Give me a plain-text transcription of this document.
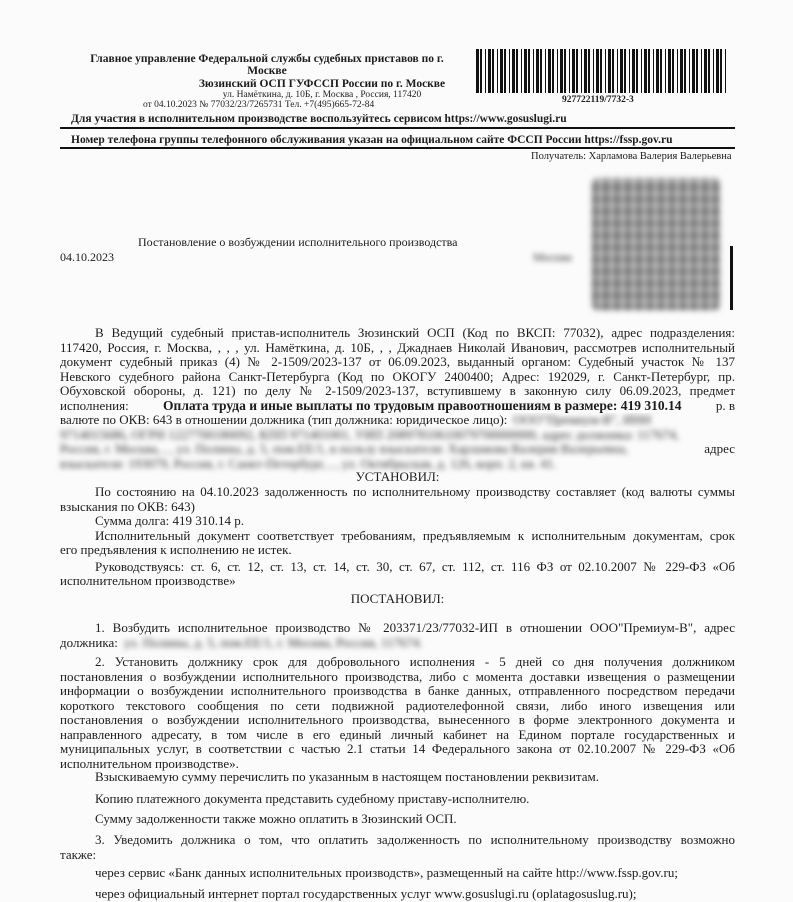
Главное управление Федеральной службы судебных приставов по г.
Москве
Зюзинский ОСП ГУФССП России по г. Москве
ул. Намёткина, д. 10Б, г. Москва , Россия, 117420
от 04.10.2023 № 77032/23/7265731 Тел. +7(495)665-72-84	927722119/7732-3
Для участия в исполнительном производстве воспользуйтесь сервисом https://www.gosuslugi.ru
Номер телефона группы телефонного обслуживания указан на официальном сайте ФССП России https://fssp.gov.ru
Получатель: Харламова Валерия Валерьевна
Постановление о возбуждении исполнительного производства
04.10.2023	Москва
В Ведущий судебный пристав-исполнитель Зюзинский ОСП (Код по ВКСП: 77032), адрес подразделения:
117420, Россия, г. Москва, , , , ул. Намёткина, д. 10Б, , , Джаднаев Николай Иванович, рассмотрев исполнительный
документ судебный приказ (4) № 2-1509/2023-137 от 06.09.2023, выданный органом: Судебный участок № 137
Невского судебного района Санкт-Петербурга (Код по ОКОГУ 2400400; Адрес: 192029, г. Санкт-Петербург, пр.
Обуховской обороны, д. 121) по делу № 2-1509/2023-137, вступившему в законную силу 06.09.2023, предмет
исполнения:	Оплата труда и иные выплаты по трудовым правоотношениям в размере: 419 310.14	р. в
валюте по ОКВ: 643 в отношении должника (тип должника: юридическое лицо): ООО"Премиум-В", ИНН
9714015686, ОГРН 1227700180092, КПП 971401001, УИП 20897810610079700000000, адрес должника: 117674,
Россия, г. Москва, , , ул. Полины, д. 5, пом.ЕЕ/1, в пользу взыскателя: Харламова Валерия Валерьевна,	адрес
взыскателя: 193079, Россия, г. Санкт-Петербург, , , ул. Октябрьская, д. 126, корп. 2, кв. 41.
УСТАНОВИЛ:
По состоянию на 04.10.2023 задолженность по исполнительному производству составляет (код валюты суммы
взыскания по ОКВ: 643)
Сумма долга: 419 310.14 р.
Исполнительный документ соответствует требованиям, предъявляемым к исполнительным документам, срок
его предъявления к исполнению не истек.
Руководствуясь: ст. 6, ст. 12, ст. 13, ст. 14, ст. 30, ст. 67, ст. 112, ст. 116 ФЗ от 02.10.2007 № 229-ФЗ «Об
исполнительном производстве»
ПОСТАНОВИЛ:
1. Возбудить исполнительное производство № 203371/23/77032-ИП в отношении ООО"Премиум-В", адрес
должника: ул. Полины, д. 5, пом.ЕЕ/1, г. Москва, Россия, 117674.
2. Установить должнику срок для добровольного исполнения - 5 дней со дня получения должником
постановления о возбуждении исполнительного производства, либо с момента доставки извещения о размещении
информации о возбуждении исполнительного производства в банке данных, отправленного посредством передачи
короткого текстового сообщения по сети подвижной радиотелефонной связи, либо иного извещения или
постановления о возбуждении исполнительного производства, вынесенного в форме электронного документа и
направленного адресату, в том числе в его единый личный кабинет на Едином портале государственных и
муниципальных услуг, в соответствии с частью 2.1 статьи 14 Федерального закона от 02.10.2007 № 229-ФЗ «Об
исполнительном производстве».
Взыскиваемую сумму перечислить по указанным в настоящем постановлении реквизитам.
Копию платежного документа представить судебному приставу-исполнителю.
Сумму задолженности также можно оплатить в Зюзинский ОСП.
3. Уведомить должника о том, что оплатить задолженность по исполнительному производству возможно
также:
через сервис «Банк данных исполнительных производств», размещенный на сайте http://www.fssp.gov.ru;
через официальный интернет портал государственных услуг www.gosuslugi.ru (oplatagosuslug.ru);
